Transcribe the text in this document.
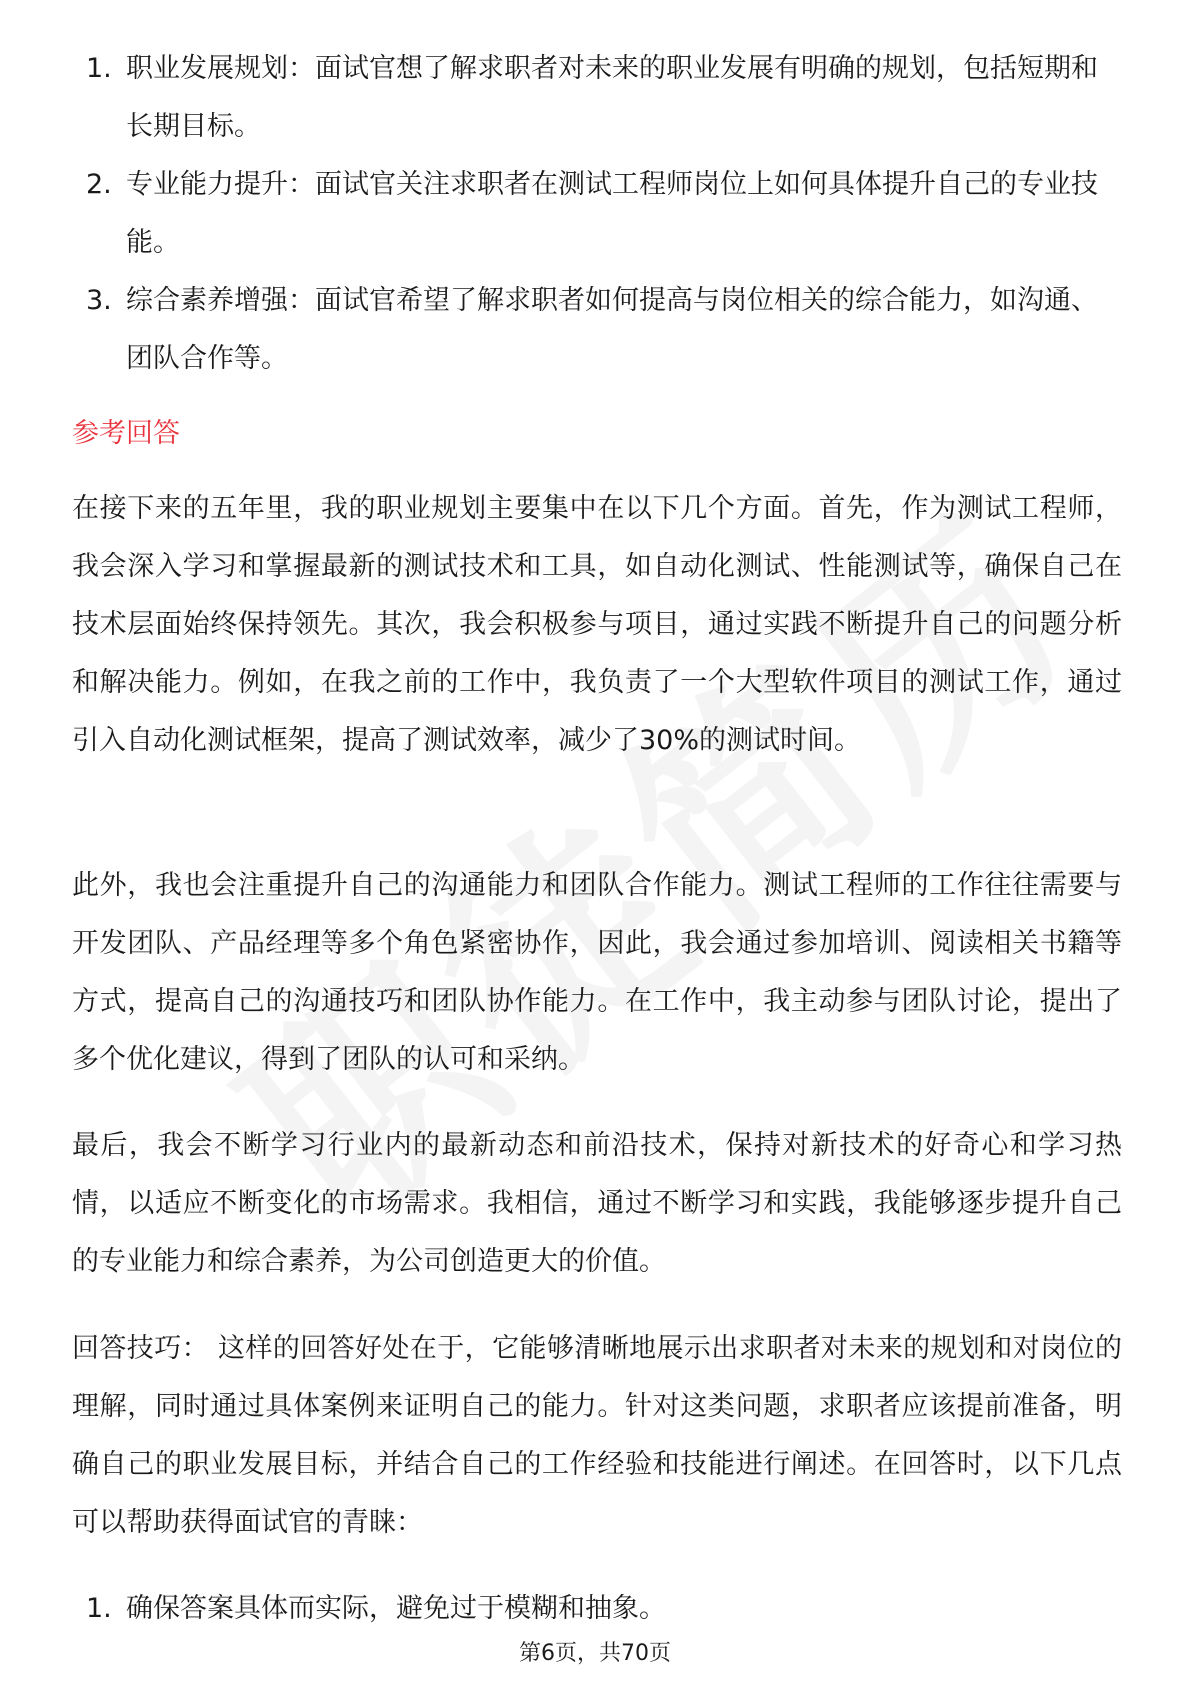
1. 职业发展规划：面试官想了解求职者对未来的职业发展有明确的规划，包括短期和长期目标。
2. 专业能力提升：面试官关注求职者在测试工程师岗位上如何具体提升自己的专业技能。
3. 综合素养增强：面试官希望了解求职者如何提高与岗位相关的综合能力，如沟通、团队合作等。
参考回答

在接下来的五年里，我的职业规划主要集中在以下几个方面。首先，作为测试工程师，我会深入学习和掌握最新的测试技术和工具，如自动化测试、性能测试等，确保自己在技术层面始终保持领先。其次，我会积极参与项目，通过实践不断提升自己的问题分析和解决能力。例如，在我之前的工作中，我负责了一个大型软件项目的测试工作，通过引入自动化测试框架，提高了测试效率，减少了30%的测试时间。

此外，我也会注重提升自己的沟通能力和团队合作能力。测试工程师的工作往往需要与开发团队、产品经理等多个角色紧密协作，因此，我会通过参加培训、阅读相关书籍等方式，提高自己的沟通技巧和团队协作能力。在工作中，我主动参与团队讨论，提出了多个优化建议，得到了团队的认可和采纳。

最后，我会不断学习行业内的最新动态和前沿技术，保持对新技术的好奇心和学习热情，以适应不断变化的市场需求。我相信，通过不断学习和实践，我能够逐步提升自己的专业能力和综合素养，为公司创造更大的价值。

回答技巧： 这样的回答好处在于，它能够清晰地展示出求职者对未来的规划和对岗位的理解，同时通过具体案例来证明自己的能力。针对这类问题，求职者应该提前准备，明确自己的职业发展目标，并结合自己的工作经验和技能进行阐述。在回答时，以下几点可以帮助获得面试官的青睐：

1. 确保答案具体而实际，避免过于模糊和抽象。
第6页，共70页
